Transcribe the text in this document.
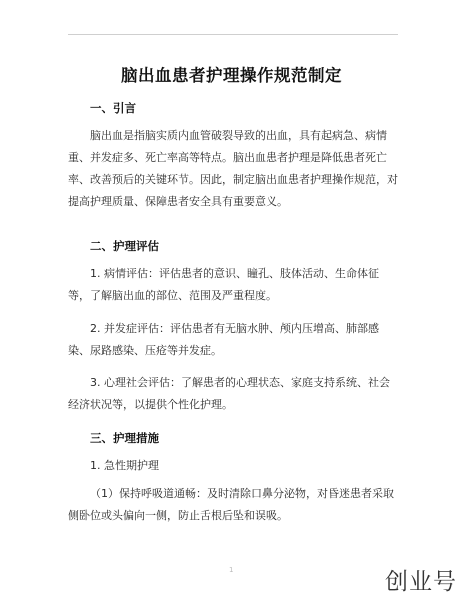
脑出血患者护理操作规范制定
一、引言

脑出血是指脑实质内血管破裂导致的出血，具有起病急、病情重、并发症多、死亡率高等特点。脑出血患者护理是降低患者死亡率、改善预后的关键环节。因此，制定脑出血患者护理操作规范，对提高护理质量、保障患者安全具有重要意义。

二、护理评估

1. 病情评估：评估患者的意识、瞳孔、肢体活动、生命体征等，了解脑出血的部位、范围及严重程度。

2. 并发症评估：评估患者有无脑水肿、颅内压增高、肺部感染、尿路感染、压疮等并发症。

3. 心理社会评估：了解患者的心理状态、家庭支持系统、社会经济状况等，以提供个性化护理。

三、护理措施

1. 急性期护理

（1）保持呼吸道通畅：及时清除口鼻分泌物，对昏迷患者采取侧卧位或头偏向一侧，防止舌根后坠和误吸。

1	创业号
